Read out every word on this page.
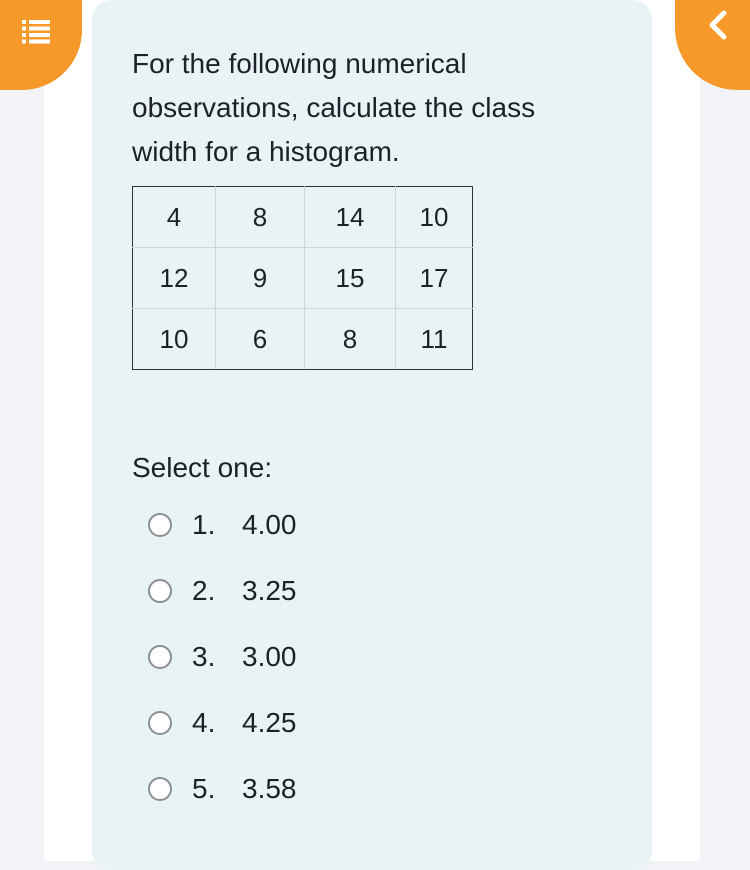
For the following numerical
observations, calculate the class
width for a histogram.

4	8	14	10
12	9	15	17
10	6	8	11
Select one:
1. 4.00
2. 3.25
3. 3.00
4. 4.25
5. 3.58
